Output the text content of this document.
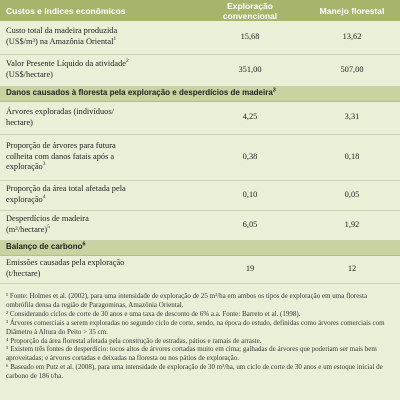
Custos e índices econômicos	Exploração convencional	Manejo florestal
Custo total da madeira produzida
(US$/m³) na Amazônia Oriental$^1$	15,68	13,62
Valor Presente Líquido da atividade$^2$
(US$/hectare)	351,00	507,00
Danos causados à floresta pela exploração e desperdícios de madeira$^3$
Árvores exploradas (indivíduos/
hectare)	4,25	3,31
Proporção de árvores para futura
colheita com danos fatais após a
exploração$^3$	0,38	0,18
Proporção da área total afetada pela
exploração$^4$	0,10	0,05
Desperdícios de madeira
(m³/hectare)$^5$	6,05	1,92
Balanço de carbono$^6$
Emissões causadas pela exploração
(t/hectare)	19	12

¹ Fonte: Holmes et al. (2002), para uma intensidade de exploração de 25 m³/ha em ambos os tipos de exploração em uma floresta ombrófila densa da região de Paragominas, Amazônia Oriental.

² Considerando ciclos de corte de 30 anos e uma taxa de desconto de 6% a.a. Fonte: Barreto et al. (1998).

³ Árvores comerciais a serem exploradas no segundo ciclo de corte, sendo, na época do estudo, definidas como árvores comerciais com Diâmetro à Altura do Peito > 35 cm.

⁴ Proporção da área florestal afetada pela construção de estradas, pátios e ramais de arraste.

⁵ Existem três fontes de desperdício: tocos altos de árvores cortadas muito em cima; galhadas de árvores que poderiam ser mais bem aproveitadas; e árvores cortadas e deixadas na floresta ou nos pátios de exploração.

⁶ Baseado em Putz et al. (2008), para uma intensidade de exploração de 30 m³/ha, um ciclo de corte de 30 anos e um estoque inicial de carbono de 186 t/ha.
